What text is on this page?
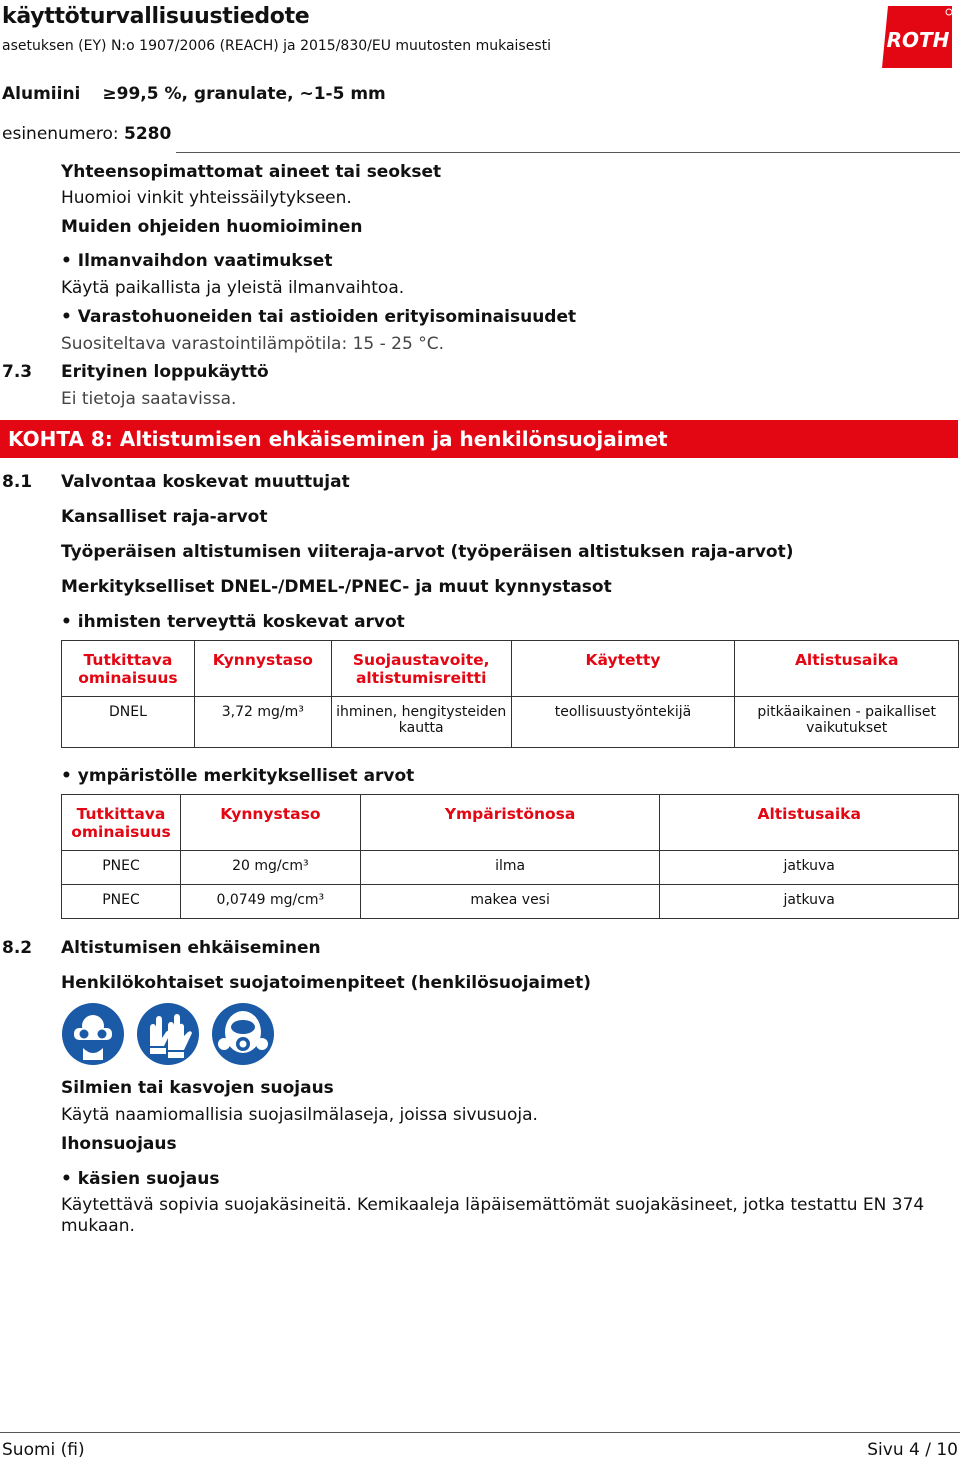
käyttöturvallisuustiedote
asetuksen (EY) N:o 1907/2006 (REACH) ja 2015/830/EU muutosten mukaisesti	ROTH
Alumiini ≥99,5 %, granulate, ~1-5 mm
esinenumero: 5280
Yhteensopimattomat aineet tai seokset
Huomioi vinkit yhteissäilytykseen.
Muiden ohjeiden huomioiminen
• Ilmanvaihdon vaatimukset
Käytä paikallista ja yleistä ilmanvaihtoa.
• Varastohuoneiden tai astioiden erityisominaisuudet
Suositeltava varastointilämpötila: 15 - 25 °C.
7.3 Erityinen loppukäyttö
Ei tietoja saatavissa.
KOHTA 8: Altistumisen ehkäiseminen ja henkilönsuojaimet
8.1 Valvontaa koskevat muuttujat
Kansalliset raja-arvot
Työperäisen altistumisen viiteraja-arvot (työperäisen altistuksen raja-arvot)
Merkitykselliset DNEL-/DMEL-/PNEC- ja muut kynnystasot
• ihmisten terveyttä koskevat arvot
Tutkittava ominaisuus	Kynnystaso	Suojaustavoite, altistumisreitti	Käytetty	Altistusaika
DNEL	3,72 mg/m³	ihminen, hengitysteiden kautta	teollisuustyöntekijä	pitkäaikainen - paikalliset vaikutukset
• ympäristölle merkitykselliset arvot
Tutkittava ominaisuus	Kynnystaso	Ympäristönosa	Altistusaika
PNEC	20 mg/cm³	ilma	jatkuva
PNEC	0,0749 mg/cm³	makea vesi	jatkuva
8.2 Altistumisen ehkäiseminen
Henkilökohtaiset suojatoimenpiteet (henkilösuojaimet)

Silmien tai kasvojen suojaus
Käytä naamiomallisia suojasilmälaseja, joissa sivusuoja.
Ihonsuojaus
• käsien suojaus
Käytettävä sopivia suojakäsineitä. Kemikaaleja läpäisemättömät suojakäsineet, jotka testattu EN 374
mukaan.
Suomi (fi)	Sivu 4 / 10
